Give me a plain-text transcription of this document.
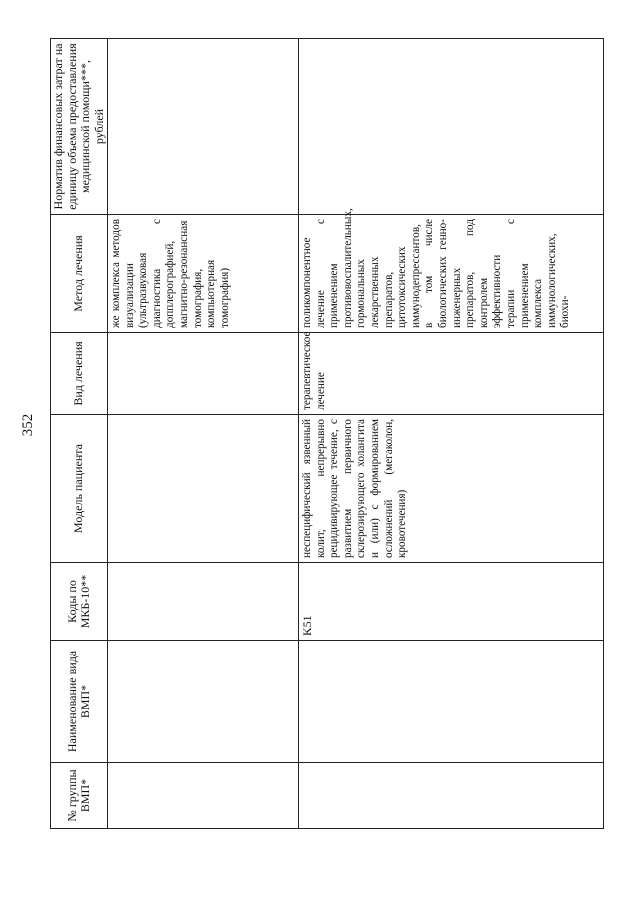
352
№ группы ВМП*	Наименование вида ВМП*	Коды по МКБ-10**	Модель пациента	Вид лечения	Метод лечения	Норматив финансовых затрат на единицу объема предоставления медицинской помощи***, рублей
					же комплекса методов визуализации (ультразвуковая диагностика с допплерографией, магнитно-резонансная томография, компьютерная томография)	
		K51	неспецифический язвенный колит, непрерывно рецидивирующее течение, с развитием первичного склерозирующего холангита и (или) с формированием осложнений (мегаколон, кровотечения)	терапевтическое лечение	поликомпонентное лечение с применением противовоспалительных, гормональных лекарственных препаратов, цитотоксических иммунодепрессантов, в том числе биологических генно-инженерных препаратов, под контролем эффективности терапии с применением комплекса иммунологических, биохи-	
